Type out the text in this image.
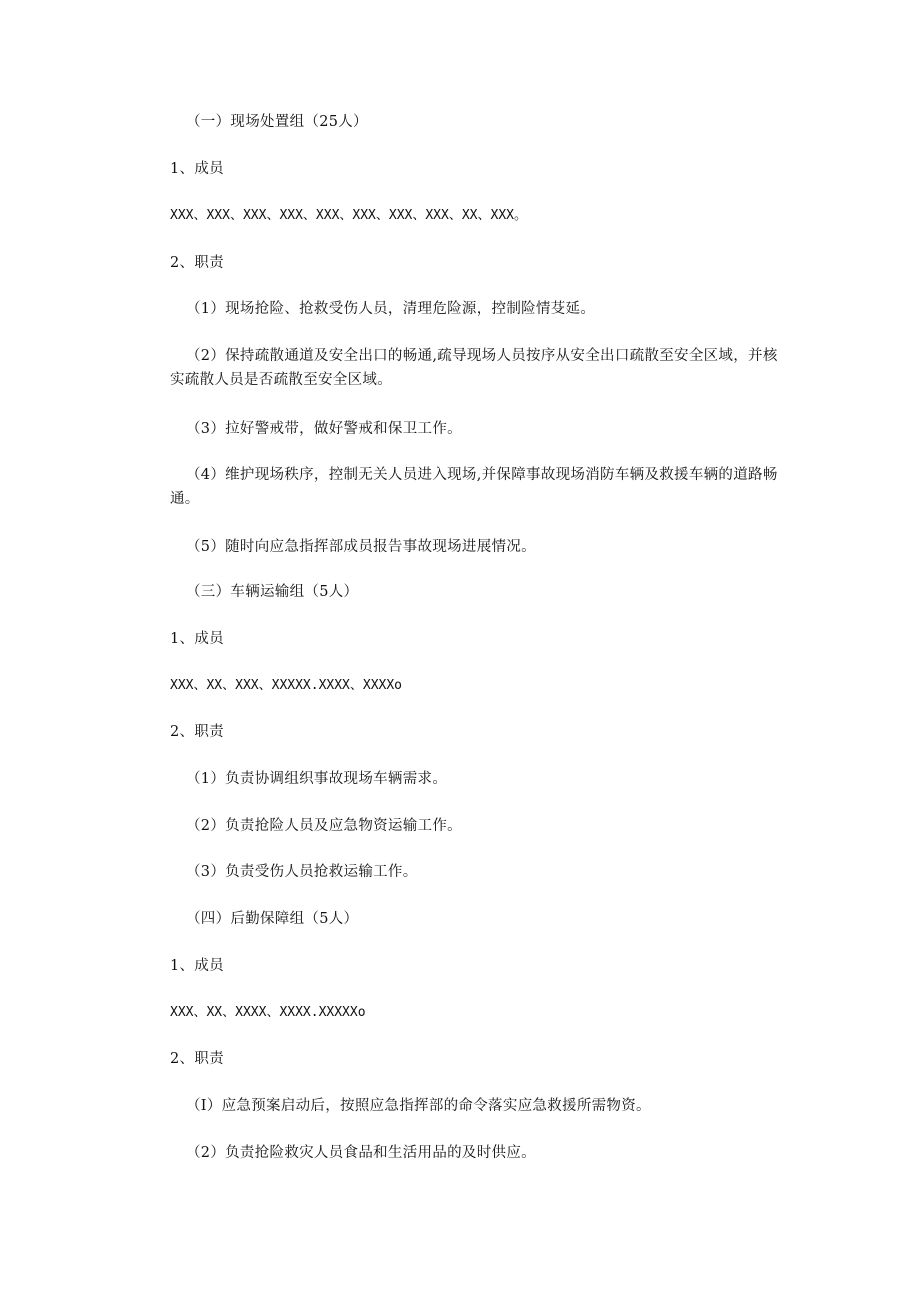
（一）现场处置组（25人）
1、成员
XXX、XXX、XXX、XXX、XXX、XXX、XXX、XXX、XX、XXX。
2、职责
（1）现场抢险、抢救受伤人员，清理危险源，控制险情芟延。
（2）保持疏散通道及安全出口的畅通,疏导现场人员按序从安全出口疏散至安全区域，并核实疏散人员是否疏散至安全区域。
（3）拉好警戒带，做好警戒和保卫工作。
（4）维护现场秩序，控制无关人员进入现场,并保障事故现场消防车辆及救援车辆的道路畅通。
（5）随时向应急指挥部成员报告事故现场进展情况。
（三）车辆运输组（5人）
1、成员
XXX、XX、XXX、XXXXX.XXXX、XXXXo
2、职责
（1）负责协调组织事故现场车辆需求。
（2）负责抢险人员及应急物资运输工作。
（3）负责受伤人员抢救运输工作。
（四）后勤保障组（5人）
1、成员
XXX、XX、XXXX、XXXX.XXXXXo
2、职责
（I）应急预案启动后，按照应急指挥部的命令落实应急救援所需物资。
（2）负责抢险救灾人员食品和生活用品的及时供应。
